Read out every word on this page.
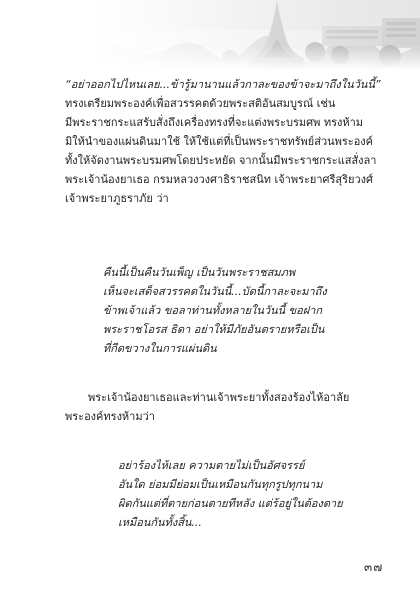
“อย่าออกไปไหนเลย...ข้ารู้มานานแล้วกาละของข้าจะมาถึงในวันนี้”
ทรงเตรียมพระองค์เพื่อสวรรคตด้วยพระสติอันสมบูรณ์ เช่น
มีพระราชกระแสรับสั่งถึงเครื่องทรงที่จะแต่งพระบรมศพ ทรงห้าม
มิให้นำของแผ่นดินมาใช้ ให้ใช้แต่ที่เป็นพระราชทรัพย์ส่วนพระองค์
ทั้งให้จัดงานพระบรมศพโดยประหยัด จากนั้นมีพระราชกระแสสั่งลา
พระเจ้าน้องยาเธอ กรมหลวงวงศาธิราชสนิท เจ้าพระยาศรีสุริยวงศ์
เจ้าพระยาภูธราภัย ว่า
คืนนี้เป็นคืนวันเพ็ญ เป็นวันพระราชสมภพ
เห็นจะเสด็จสวรรคตในวันนี้...บัดนี้กาละจะมาถึง
ข้าพเจ้าแล้ว ขอลาท่านทั้งหลายในวันนี้ ขอฝาก
พระราชโอรส ธิดา อย่าให้มีภัยอันตรายหรือเป็น
ที่กีดขวางในการแผ่นดิน
พระเจ้าน้องยาเธอและท่านเจ้าพระยาทั้งสองร้องไห้อาลัย
พระองค์ทรงห้ามว่า
อย่าร้องไห้เลย ความตายไม่เป็นอัศจรรย์
อันใด ย่อมมีย่อมเป็นเหมือนกันทุกรูปทุกนาม
ผิดกันแต่ที่ตายก่อนตายทีหลัง แต่ร้อยู่ในต้องตาย
เหมือนกันทั้งสิ้น...
๓๗
